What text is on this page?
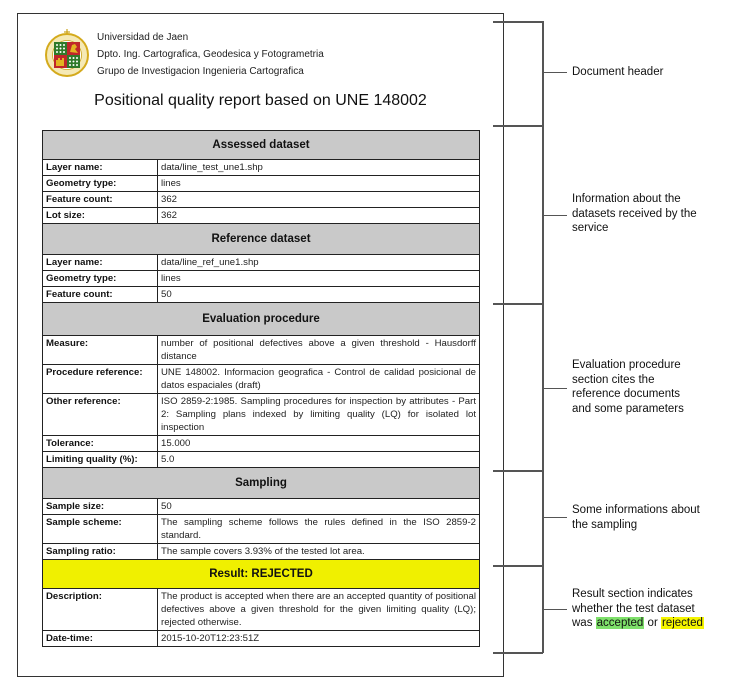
Universidad de Jaen
Dpto. Ing. Cartografica, Geodesica y Fotogrametria
Grupo de Investigacion Ingenieria Cartografica
Positional quality report based on UNE 148002
Assessed dataset	
Layer name:	data/line_test_une1.shp
Geometry type:	lines
Feature count:	362
Lot size:	362
Reference dataset	
Layer name:	data/line_ref_une1.shp
Geometry type:	lines
Feature count:	50
Evaluation procedure	
Measure:	number of positional defectives above a given threshold - Hausdorff distance
Procedure reference:	UNE 148002. Informacion geografica - Control de calidad posicional de datos espaciales (draft)
Other reference:	ISO 2859-2:1985. Sampling procedures for inspection by attributes - Part 2: Sampling plans indexed by limiting quality (LQ) for isolated lot inspection
Tolerance:	15.000
Limiting quality (%):	5.0
Sampling	
Sample size:	50
Sample scheme:	The sampling scheme follows the rules defined in the ISO 2859-2 standard.
Sampling ratio:	The sample covers 3.93% of the tested lot area.
Result: REJECTED	
Description:	The product is accepted when there are an accepted quantity of positional defectives above a given threshold for the given limiting quality (LQ); rejected otherwise.
Date-time:	2015-10-20T12:23:51Z
Document header
Information about the
datasets received by the
service
Evaluation procedure
section cites the
reference documents
and some parameters
Some informations about
the sampling
Result section indicates
whether the test dataset
was accepted or rejected
